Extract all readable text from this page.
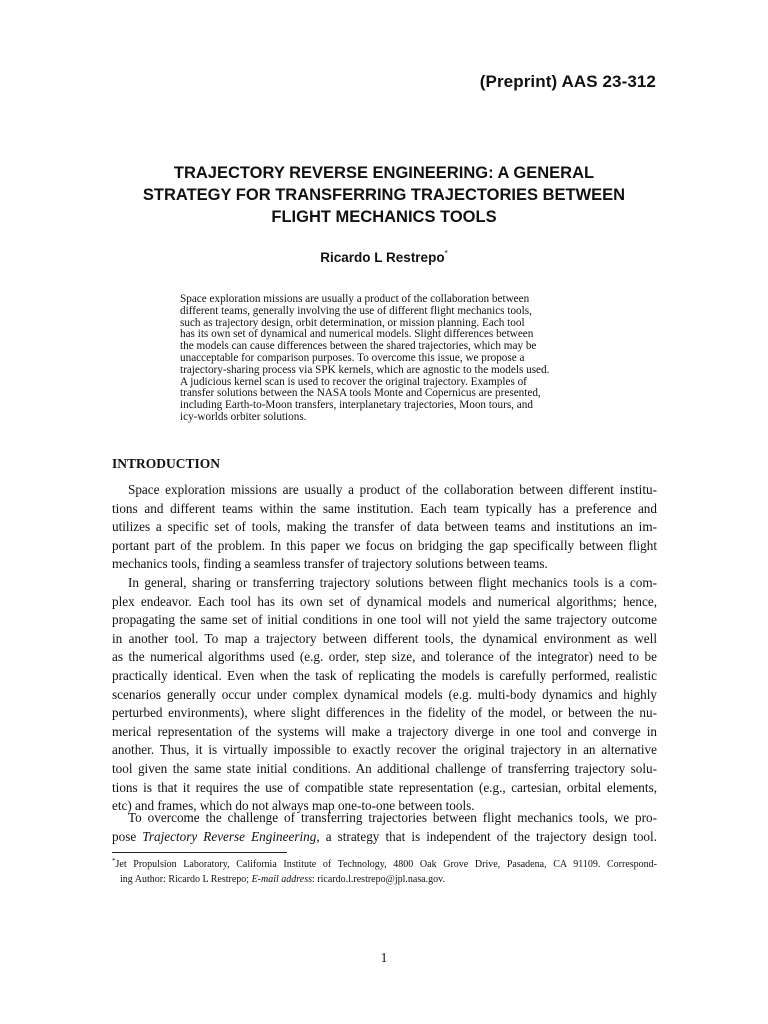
(Preprint) AAS 23-312
TRAJECTORY REVERSE ENGINEERING: A GENERAL
STRATEGY FOR TRANSFERRING TRAJECTORIES BETWEEN
FLIGHT MECHANICS TOOLS
Ricardo L Restrepo*
Space exploration missions are usually a product of the collaboration between
different teams, generally involving the use of different flight mechanics tools,
such as trajectory design, orbit determination, or mission planning. Each tool
has its own set of dynamical and numerical models. Slight differences between
the models can cause differences between the shared trajectories, which may be
unacceptable for comparison purposes. To overcome this issue, we propose a
trajectory-sharing process via SPK kernels, which are agnostic to the models used.
A judicious kernel scan is used to recover the original trajectory. Examples of
transfer solutions between the NASA tools Monte and Copernicus are presented,
including Earth-to-Moon transfers, interplanetary trajectories, Moon tours, and
icy-worlds orbiter solutions.
INTRODUCTION
Space exploration missions are usually a product of the collaboration between different institu-
tions and different teams within the same institution. Each team typically has a preference and
utilizes a specific set of tools, making the transfer of data between teams and institutions an im-
portant part of the problem. In this paper we focus on bridging the gap specifically between flight
mechanics tools, finding a seamless transfer of trajectory solutions between teams.
In general, sharing or transferring trajectory solutions between flight mechanics tools is a com-
plex endeavor. Each tool has its own set of dynamical models and numerical algorithms; hence,
propagating the same set of initial conditions in one tool will not yield the same trajectory outcome
in another tool. To map a trajectory between different tools, the dynamical environment as well
as the numerical algorithms used (e.g. order, step size, and tolerance of the integrator) need to be
practically identical. Even when the task of replicating the models is carefully performed, realistic
scenarios generally occur under complex dynamical models (e.g. multi-body dynamics and highly
perturbed environments), where slight differences in the fidelity of the model, or between the nu-
merical representation of the systems will make a trajectory diverge in one tool and converge in
another. Thus, it is virtually impossible to exactly recover the original trajectory in an alternative
tool given the same state initial conditions. An additional challenge of transferring trajectory solu-
tions is that it requires the use of compatible state representation (e.g., cartesian, orbital elements,
etc) and frames, which do not always map one-to-one between tools.
To overcome the challenge of transferring trajectories between flight mechanics tools, we pro-
pose Trajectory Reverse Engineering, a strategy that is independent of the trajectory design tool.
*Jet Propulsion Laboratory, California Institute of Technology, 4800 Oak Grove Drive, Pasadena, CA 91109. Correspond-
ing Author: Ricardo L Restrepo; E-mail address: ricardo.l.restrepo@jpl.nasa.gov.
1
